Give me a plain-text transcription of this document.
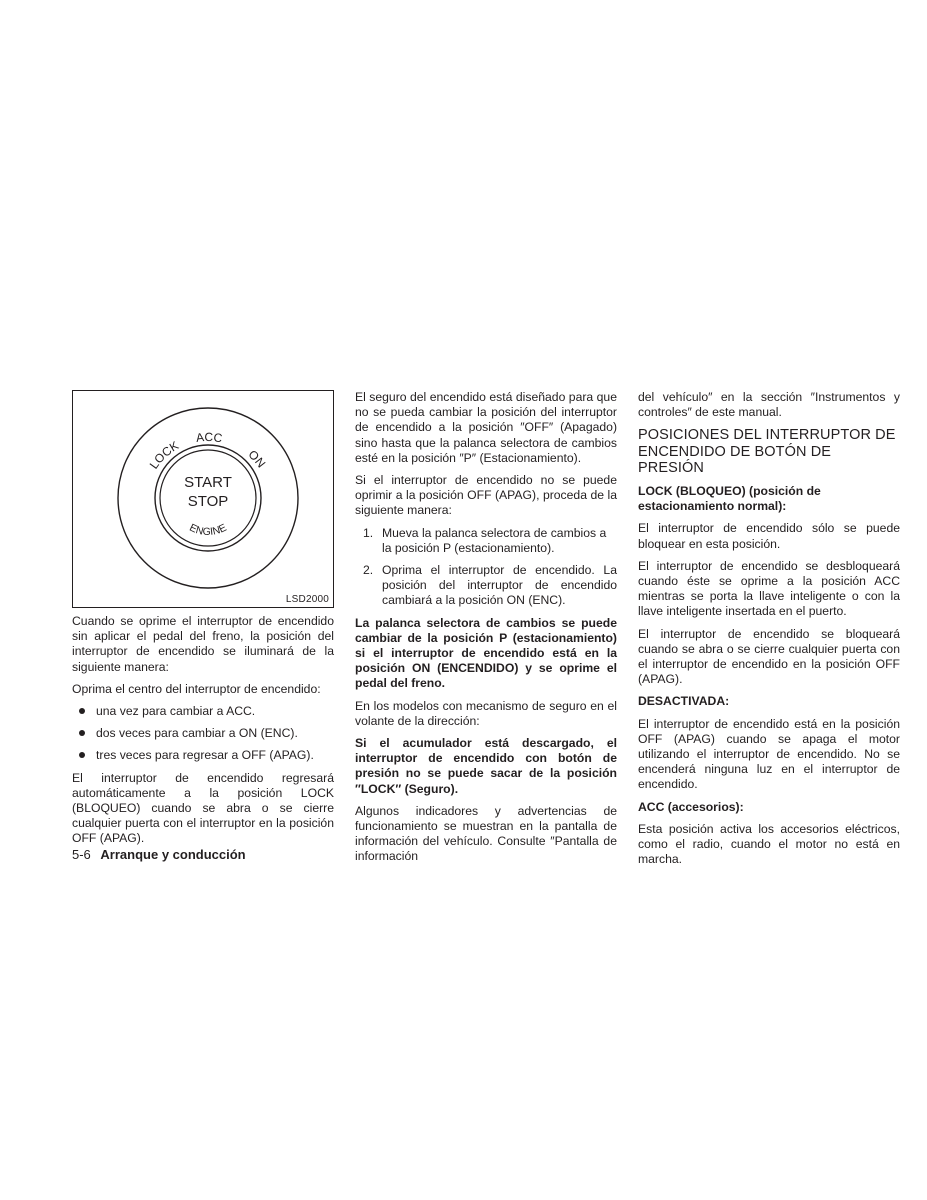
LOCK
ACC
ON
START
STOP
ENGINE
LSD2000

Cuando se oprime el interruptor de encendido sin aplicar el pedal del freno, la posición del interruptor de encendido se iluminará de la siguiente manera:

Oprima el centro del interruptor de encendido:

una vez para cambiar a ACC.
dos veces para cambiar a ON (ENC).
tres veces para regresar a OFF (APAG).

El interruptor de encendido regresará automáticamente a la posición LOCK (BLOQUEO) cuando se abra o se cierre cualquier puerta con el interruptor en la posición OFF (APAG).

El seguro del encendido está diseñado para que no se pueda cambiar la posición del interruptor de encendido a la posición ″OFF″ (Apagado) sino hasta que la palanca selectora de cambios esté en la posición ″P″ (Estacionamiento).

Si el interruptor de encendido no se puede oprimir a la posición OFF (APAG), proceda de la siguiente manera:

1. Mueva la palanca selectora de cambios a la posición P (estacionamiento).
2. Oprima el interruptor de encendido. La posición del interruptor de encendido cambiará a la posición ON (ENC).

La palanca selectora de cambios se puede cambiar de la posición P (estacionamiento) si el interruptor de encendido está en la posición ON (ENCENDIDO) y se oprime el pedal del freno.

En los modelos con mecanismo de seguro en el volante de la dirección:

Si el acumulador está descargado, el interruptor de encendido con botón de presión no se puede sacar de la posición ″LOCK″ (Seguro).

Algunos indicadores y advertencias de funcionamiento se muestran en la pantalla de información del vehículo. Consulte ″Pantalla de información

del vehículo″ en la sección ″Instrumentos y controles″ de este manual.

POSICIONES DEL INTERRUPTOR DE ENCENDIDO DE BOTÓN DE PRESIÓN

LOCK (BLOQUEO) (posición de estacionamiento normal):

El interruptor de encendido sólo se puede bloquear en esta posición.

El interruptor de encendido se desbloqueará cuando éste se oprime a la posición ACC mientras se porta la llave inteligente o con la llave inteligente insertada en el puerto.

El interruptor de encendido se bloqueará cuando se abra o se cierre cualquier puerta con el interruptor de encendido en la posición OFF (APAG).

DESACTIVADA:

El interruptor de encendido está en la posición OFF (APAG) cuando se apaga el motor utilizando el interruptor de encendido. No se encenderá ninguna luz en el interruptor de encendido.

ACC (accesorios):

Esta posición activa los accesorios eléctricos, como el radio, cuando el motor no está en marcha.

5-6 Arranque y conducción
